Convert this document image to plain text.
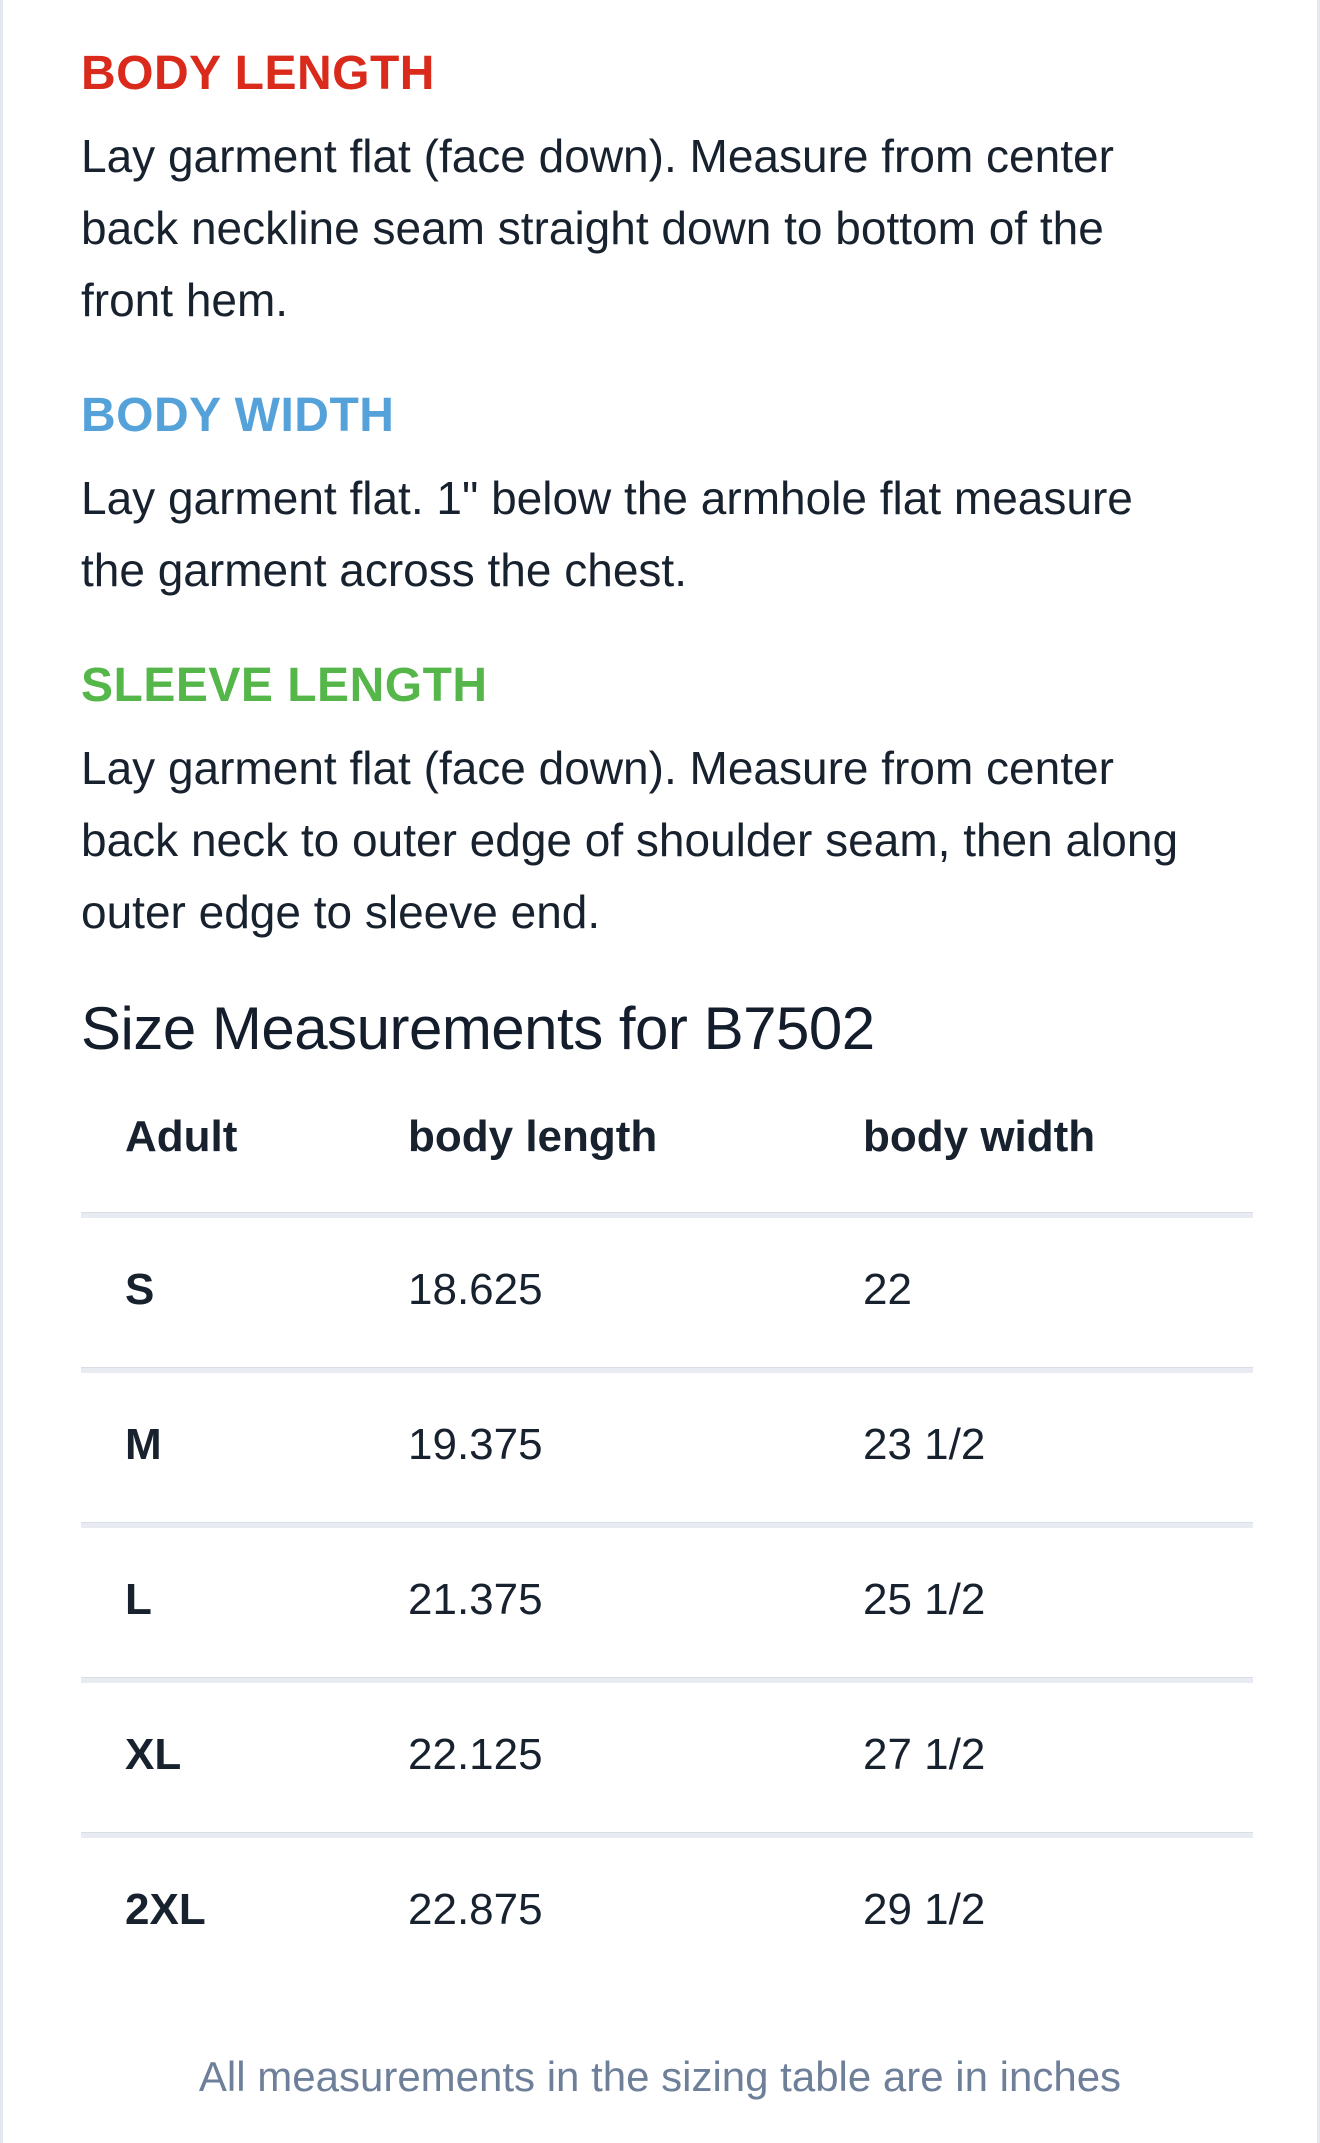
BODY LENGTH
Lay garment flat (face down). Measure from center
back neckline seam straight down to bottom of the
front hem.
BODY WIDTH
Lay garment flat. 1" below the armhole flat measure
the garment across the chest.
SLEEVE LENGTH
Lay garment flat (face down). Measure from center
back neck to outer edge of shoulder seam, then along
outer edge to sleeve end.
Size Measurements for B7502
Adult	body length	body width
S	18.625	22
M	19.375	23 1/2
L	21.375	25 1/2
XL	22.125	27 1/2
2XL	22.875	29 1/2
All measurements in the sizing table are in inches
